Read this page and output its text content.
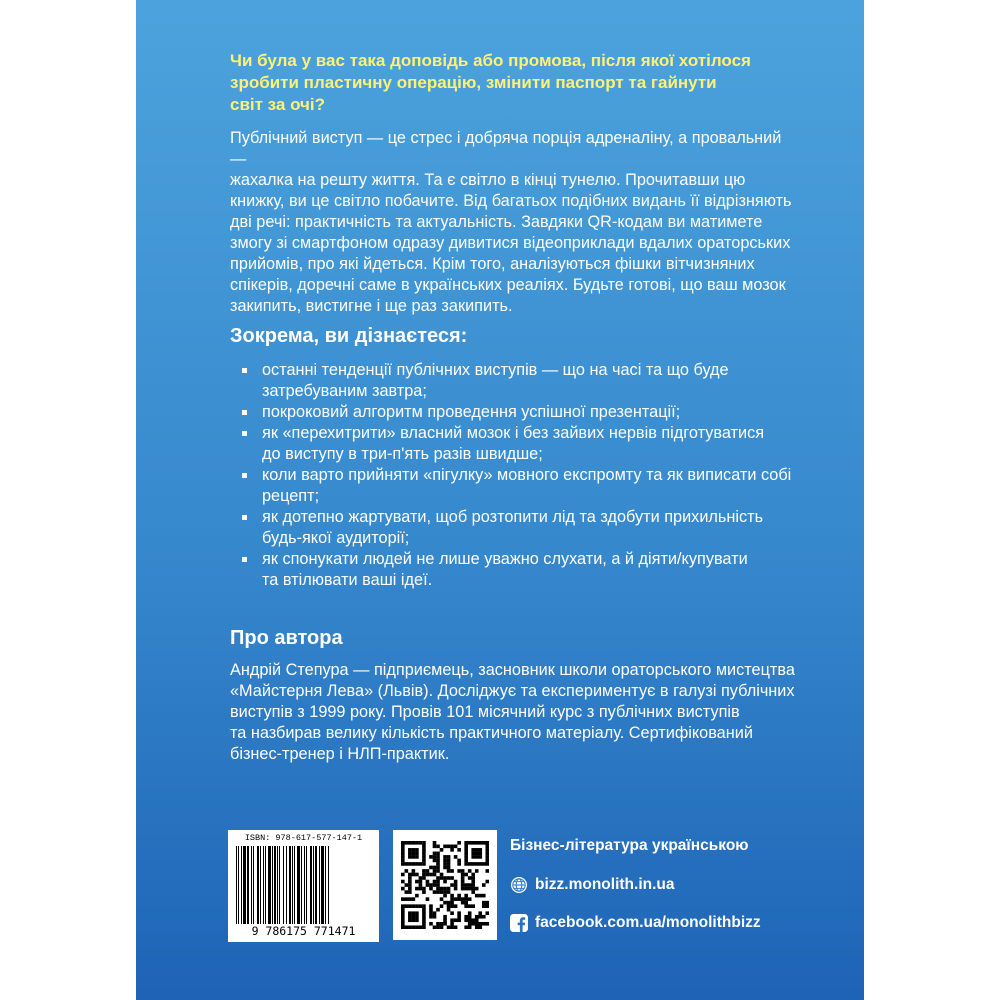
Чи була у вас така доповідь або промова, після якої хотілося
зробити пластичну операцію, змінити паспорт та гайнути
світ за очі?

Публічний виступ — це стрес і добряча порція адреналіну, а провальний —
жахалка на решту життя. Та є світло в кінці тунелю. Прочитавши цю
книжку, ви це світло побачите. Від багатьох подібних видань її відрізняють
дві речі: практичність та актуальність. Завдяки QR-кодам ви матимете
змогу зі смартфоном одразу дивитися відеоприклади вдалих ораторських
прийомів, про які йдеться. Крім того, аналізуються фішки вітчизняних
спікерів, доречні саме в українських реаліях. Будьте готові, що ваш мозок
закипить, вистигне і ще раз закипить.

Зокрема, ви дізнаєтеся:
останні тенденції публічних виступів — що на часі та що буде
затребуваним завтра;
покроковий алгоритм проведення успішної презентації;
як «перехитрити» власний мозок і без зайвих нервів підготуватися
до виступу в три-п'ять разів швидше;
коли варто прийняти «пігулку» мовного експромту та як виписати собі
рецепт;
як дотепно жартувати, щоб розтопити лід та здобути прихильність
будь-якої аудиторії;
як спонукати людей не лише уважно слухати, а й діяти/купувати
та втілювати ваші ідеї.
Про автора

Андрій Степура — підприємець, засновник школи ораторського мистецтва
«Майстерня Лева» (Львів). Досліджує та експериментує в галузі публічних
виступів з 1999 року. Провів 101 місячний курс з публічних виступів
та назбирав велику кількість практичного матеріалу. Сертифікований
бізнес-тренер і НЛП-практик.

ISBN: 978-617-577-147-1
9 786175 771471
Бізнес-література українською
bizz.monolith.in.ua
facebook.com.ua/monolithbizz
